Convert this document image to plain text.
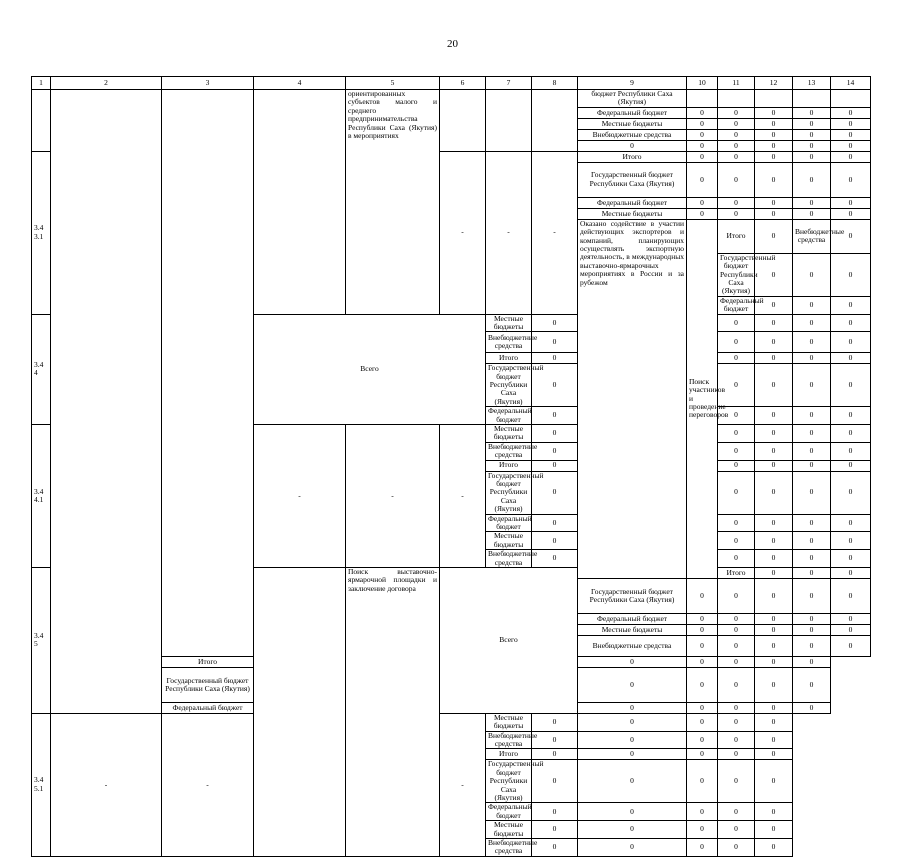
20
1	2	3	4	5	6	7	8	9	10	11	12	13	14	
				ориентированных субъектов малого и среднего предпринимательства Республики Саха (Якутия) в мероприятиях				бюджет Республики Саха (Якутия)						
								Федеральный бюджет	0	0	0	0	0	
								Местные бюджеты	0	0	0	0	0	
								Внебюджетные средства	0	0	0	0	0	
								0	0	0	0	0	0	
3.4 3.1					-	-	-	Итого	0	0	0	0	0	
								Государственный бюджет Республики Саха (Якутия)	0	0	0	0	0	
								Федеральный бюджет	0	0	0	0	0	
								Местные бюджеты	0	0	0	0	0	
								Оказано содействие в участии действующих экспортеров и компаний, планирующих осуществлять экспортную деятельность, в международных выставочно-ярмарочных мероприятиях в России и за рубежом	Поиск участников и проведение переговоров	Итого	0	Внебюджетные средства	0		
										Государственный бюджет Республики Саха (Якутия)	0	0	0		
										Федеральный бюджет	0	0	0		
3.4 4			Всего			Местные бюджеты	0			0	0	0	0	
						Внебюджетные средства	0			0	0	0	0	
						Итого	0			0	0	0	0	
						Государственный бюджет Республики Саха (Якутия)	0			0	0	0	0	
						Федеральный бюджет	0			0	0	0	0	
3.4 4.1			-	-	-	Местные бюджеты	0			0	0	0	0	
						Внебюджетные средства	0			0	0	0	0	
						Итого	0			0	0	0	0	
						Государственный бюджет Республики Саха (Якутия)	0			0	0	0	0	
						Федеральный бюджет	0			0	0	0	0	
						Местные бюджеты	0			0	0	0	0	
						Внебюджетные средства	0			0	0	0	0	
3.4 5				Поиск выставочно-ярмарочной площадки и заключение договора	Всего					Итого	0	0	0		
								Государственный бюджет Республики Саха (Якутия)	0	0	0	0	0	
								Федеральный бюджет	0	0	0	0	0	
								Местные бюджеты	0	0	0	0	0	
								Внебюджетные средства	0	0	0	0	0	
		Итого						0	0	0	0	0		
		Государственный бюджет Республики Саха (Якутия)						0	0	0	0	0		
		Федеральный бюджет						0	0	0	0	0		
3.4 5.1	-	-			-	Местные бюджеты	0	0	0	0	0			
						Внебюджетные средства	0	0	0	0	0			
						Итого	0	0	0	0	0			
						Государственный бюджет Республики Саха (Якутия)	0	0	0	0	0			
						Федеральный бюджет	0	0	0	0	0			
						Местные бюджеты	0	0	0	0	0			
						Внебюджетные средства	0	0	0	0	0			
